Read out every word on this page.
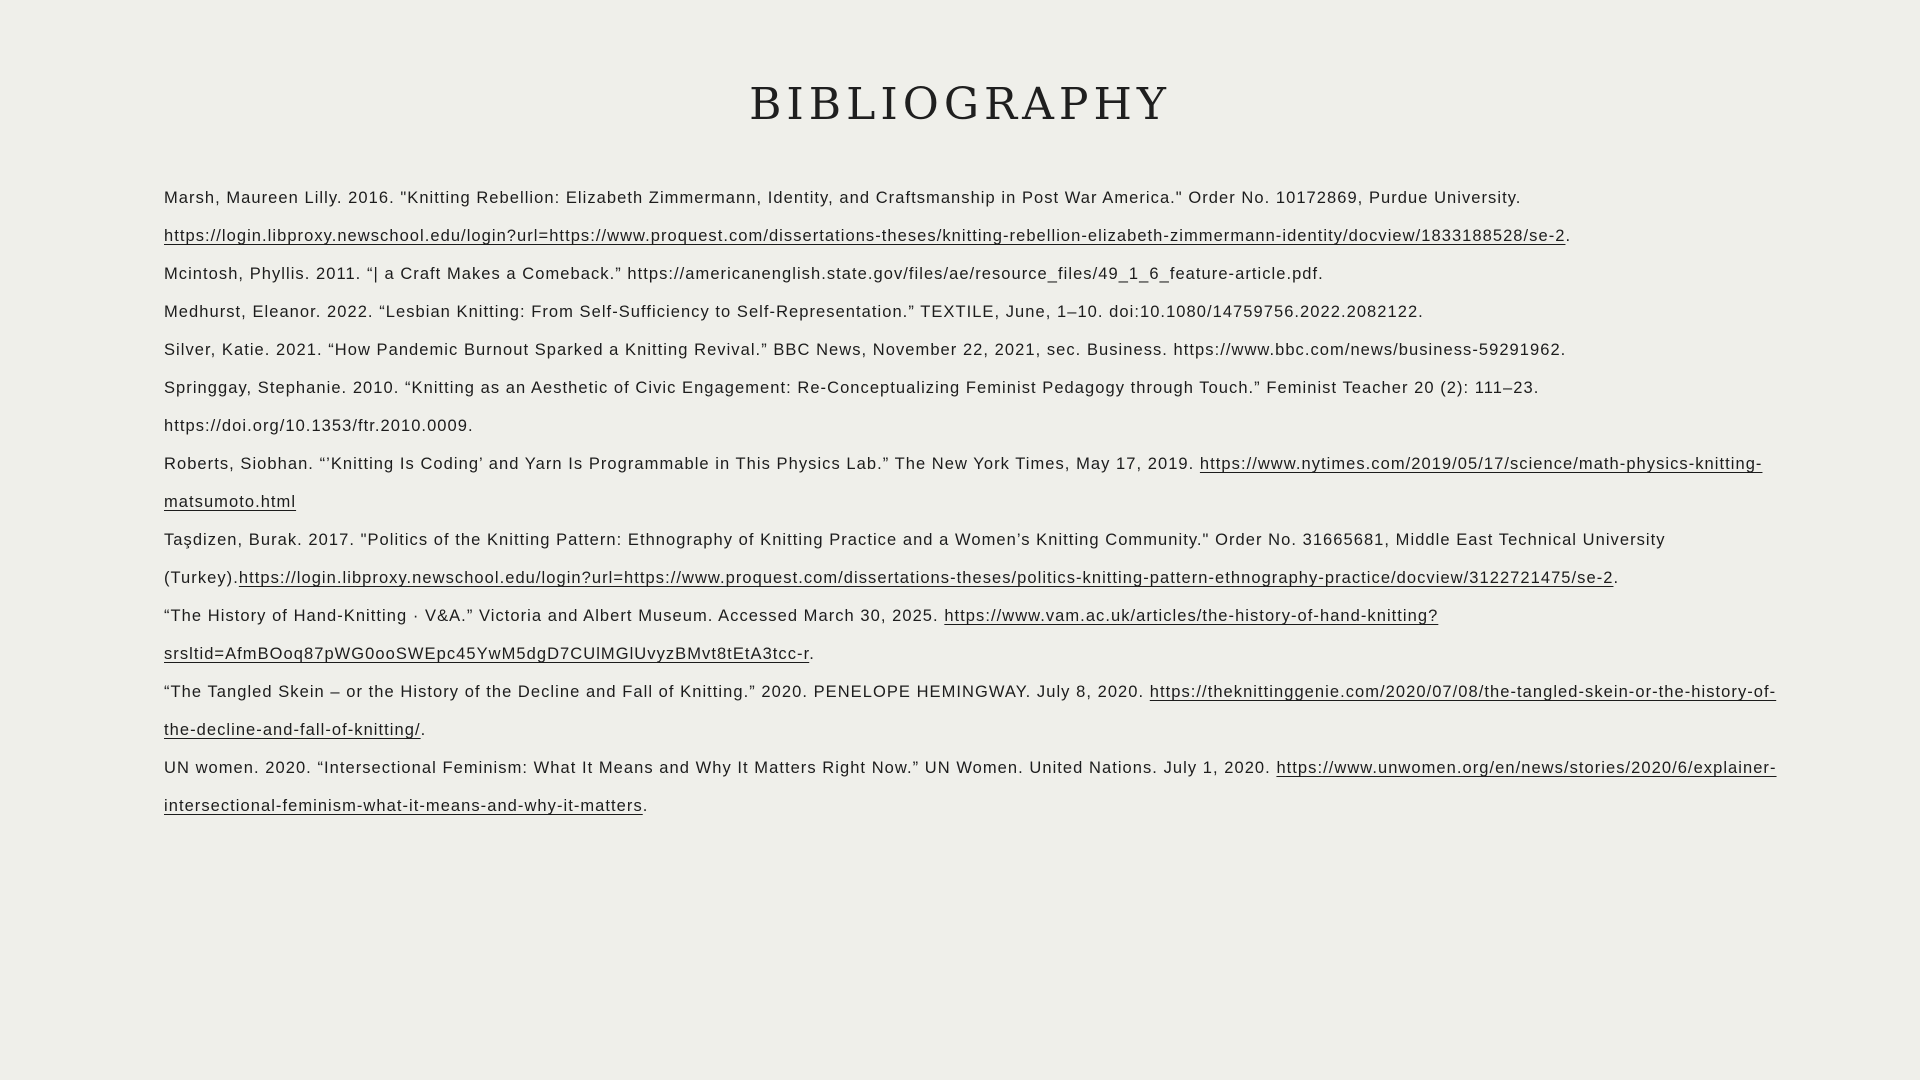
BIBLIOGRAPHY

Marsh, Maureen Lilly. 2016. "Knitting Rebellion: Elizabeth Zimmermann, Identity, and Craftsmanship in Post War America." Order No. 10172869, Purdue University. https://login.libproxy.newschool.edu/login?url=https://www.proquest.com/dissertations-theses/knitting-rebellion-elizabeth-zimmermann-identity/docview/1833188528/se-2.

Mcintosh, Phyllis. 2011. “| a Craft Makes a Comeback.” https://americanenglish.state.gov/files/ae/resource_files/49_1_6_feature-article.pdf.

Medhurst, Eleanor. 2022. “Lesbian Knitting: From Self-Sufficiency to Self-Representation.” TEXTILE, June, 1–10. doi:10.1080/14759756.2022.2082122.

Silver, Katie. 2021. “How Pandemic Burnout Sparked a Knitting Revival.” BBC News, November 22, 2021, sec. Business. https://www.bbc.com/news/business-59291962.

Springgay, Stephanie. 2010. “Knitting as an Aesthetic of Civic Engagement: Re-Conceptualizing Feminist Pedagogy through Touch.” Feminist Teacher 20 (2): 111–23. https://doi.org/10.1353/ftr.2010.0009.

Roberts, Siobhan. “’Knitting Is Coding’ and Yarn Is Programmable in This Physics Lab.” The New York Times, May 17, 2019. https://www.nytimes.com/2019/05/17/science/math-physics-knitting-matsumoto.html

Taşdizen, Burak. 2017. "Politics of the Knitting Pattern: Ethnography of Knitting Practice and a Women’s Knitting Community." Order No. 31665681, Middle East Technical University (Turkey).https://login.libproxy.newschool.edu/login?url=https://www.proquest.com/dissertations-theses/politics-knitting-pattern-ethnography-practice/docview/3122721475/se-2.

“The History of Hand-Knitting · V&A.” Victoria and Albert Museum. Accessed March 30, 2025. https://www.vam.ac.uk/articles/the-history-of-hand-knitting?srsltid=AfmBOoq87pWG0ooSWEpc45YwM5dgD7CUlMGlUvyzBMvt8tEtA3tcc-r.

“The Tangled Skein – or the History of the Decline and Fall of Knitting.” 2020. PENELOPE HEMINGWAY. July 8, 2020. https://theknittinggenie.com/2020/07/08/the-tangled-skein-or-the-history-of-the-decline-and-fall-of-knitting/.

UN women. 2020. “Intersectional Feminism: What It Means and Why It Matters Right Now.” UN Women. United Nations. July 1, 2020. https://www.unwomen.org/en/news/stories/2020/6/explainer-intersectional-feminism-what-it-means-and-why-it-matters.
